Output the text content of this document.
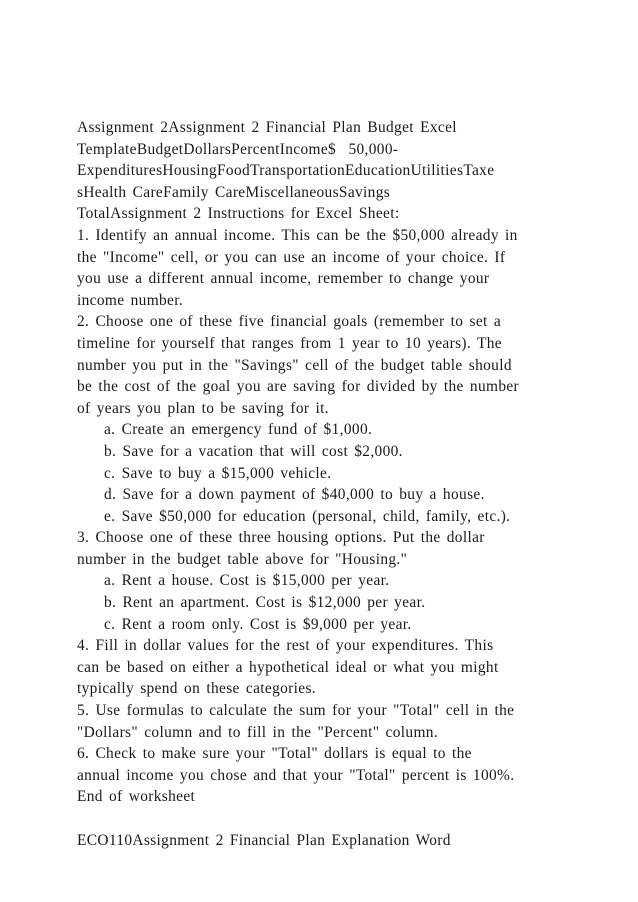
Assignment 2Assignment 2 Financial Plan Budget Excel
TemplateBudgetDollarsPercentIncome$  50,000-
ExpendituresHousingFoodTransportationEducationUtilitiesTaxe
sHealth CareFamily CareMiscellaneousSavings
TotalAssignment 2 Instructions for Excel Sheet:
1. Identify an annual income. This can be the $50,000 already in
the "Income" cell, or you can use an income of your choice. If
you use a different annual income, remember to change your
income number.
2. Choose one of these five financial goals (remember to set a
timeline for yourself that ranges from 1 year to 10 years). The
number you put in the "Savings" cell of the budget table should
be the cost of the goal you are saving for divided by the number
of years you plan to be saving for it.
a. Create an emergency fund of $1,000.
b. Save for a vacation that will cost $2,000.
c. Save to buy a $15,000 vehicle.
d. Save for a down payment of $40,000 to buy a house.
e. Save $50,000 for education (personal, child, family, etc.).
3. Choose one of these three housing options. Put the dollar
number in the budget table above for "Housing."
a. Rent a house. Cost is $15,000 per year.
b. Rent an apartment. Cost is $12,000 per year.
c. Rent a room only. Cost is $9,000 per year.
4. Fill in dollar values for the rest of your expenditures. This
can be based on either a hypothetical ideal or what you might
typically spend on these categories.
5. Use formulas to calculate the sum for your "Total" cell in the
"Dollars" column and to fill in the "Percent" column.
6. Check to make sure your "Total" dollars is equal to the
annual income you chose and that your "Total" percent is 100%.
End of worksheet
ECO110Assignment 2 Financial Plan Explanation Word
